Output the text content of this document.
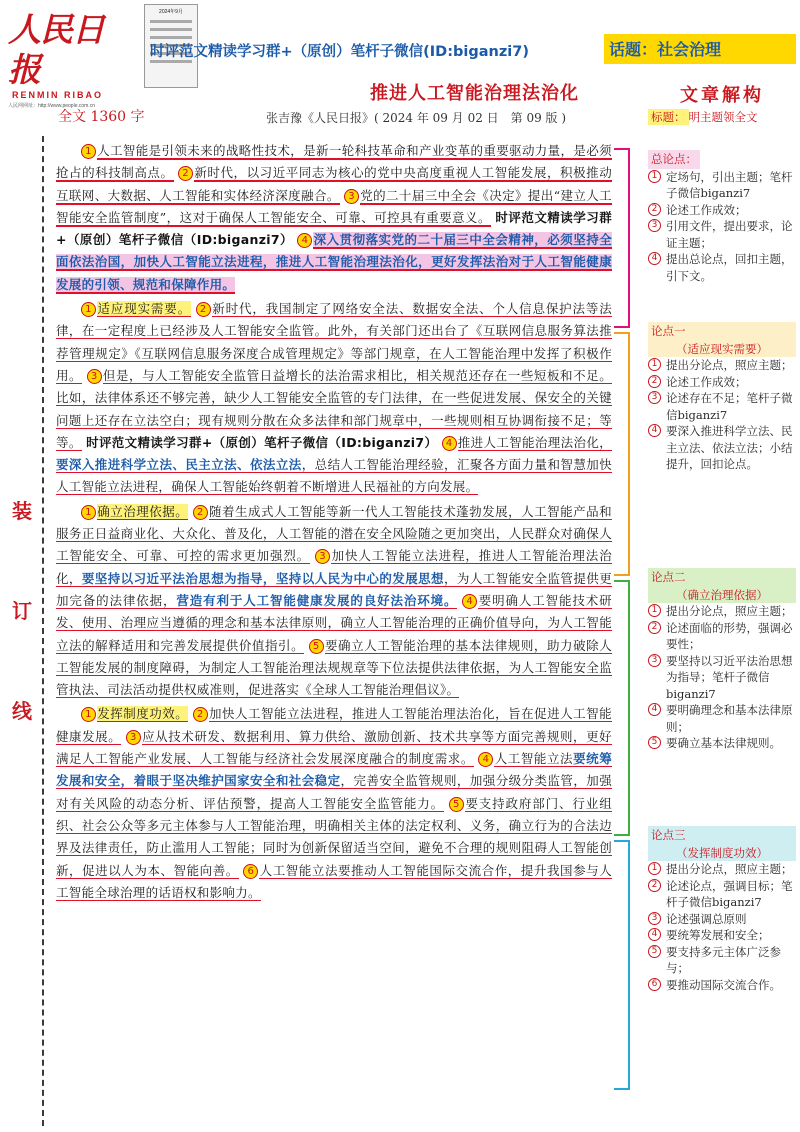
人民日报
RENMIN RIBAO
人民网网址：http://www.people.com.cn
2024年9月
时评范文精读学习群+（原创）笔杆子微信(ID:biganzi7)	话题：社会治理
全文 1360 字
推进人工智能治理法治化
张吉豫《人民日报》( 2024 年 09 月 02 日　第 09 版 )
装
订
线

1 人工智能是引领未来的战略性技术，是新一轮科技革命和产业变革的重要驱动力量，是必须抢占的科技制高点。 2 新时代，以习近平同志为核心的党中央高度重视人工智能发展，积极推动互联网、大数据、人工智能和实体经济深度融合。 3 党的二十届三中全会《决定》提出“建立人工智能安全监管制度”，这对于确保人工智能安全、可靠、可控具有重要意义。 时评范文精读学习群+（原创）笔杆子微信（ID:biganzi7） 4 深入贯彻落实党的二十届三中全会精神，必须坚持全面依法治国，加快人工智能立法进程，推进人工智能治理法治化，更好发挥法治对于人工智能健康发展的引领、规范和保障作用。

1 适应现实需要。 2 新时代，我国制定了网络安全法、数据安全法、个人信息保护法等法律，在一定程度上已经涉及人工智能安全监管。此外，有关部门还出台了《互联网信息服务算法推荐管理规定》《互联网信息服务深度合成管理规定》等部门规章，在人工智能治理中发挥了积极作用。 3 但是，与人工智能安全监管日益增长的法治需求相比，相关规范还存在一些短板和不足。比如，法律体系还不够完善，缺少人工智能安全监管的专门法律，在一些促进发展、保安全的关键问题上还存在立法空白；现有规则分散在众多法律和部门规章中，一些规则相互协调衔接不足；等等。 时评范文精读学习群+（原创）笔杆子微信（ID:biganzi7） 4 推进人工智能治理法治化，要深入推进科学立法、民主立法、依法立法，总结人工智能治理经验，汇聚各方面力量和智慧加快人工智能立法进程，确保人工智能始终朝着不断增进人民福祉的方向发展。

1 确立治理依据。 2 随着生成式人工智能等新一代人工智能技术蓬勃发展，人工智能产品和服务正日益商业化、大众化、普及化，人工智能的潜在安全风险随之更加突出，人民群众对确保人工智能安全、可靠、可控的需求更加强烈。 3 加快人工智能立法进程，推进人工智能治理法治化，要坚持以习近平法治思想为指导，坚持以人民为中心的发展思想，为人工智能安全监管提供更加完备的法律依据，营造有利于人工智能健康发展的良好法治环境。 4 要明确人工智能技术研发、使用、治理应当遵循的理念和基本法律原则，确立人工智能治理的正确价值导向，为人工智能立法的解释适用和完善发展提供价值指引。 5 要确立人工智能治理的基本法律规则，助力破除人工智能发展的制度障碍，为制定人工智能治理法规规章等下位法提供法律依据，为人工智能安全监管执法、司法活动提供权威准则，促进落实《全球人工智能治理倡议》。

1 发挥制度功效。 2 加快人工智能立法进程，推进人工智能治理法治化，旨在促进人工智能健康发展。 3 应从技术研发、数据利用、算力供给、激励创新、技术共享等方面完善规则，更好满足人工智能产业发展、人工智能与经济社会发展深度融合的制度需求。 4 人工智能立法要统筹发展和安全，着眼于坚决维护国家安全和社会稳定，完善安全监管规则，加强分级分类监管，加强对有关风险的动态分析、评估预警，提高人工智能安全监管能力。 5 要支持政府部门、行业组织、社会公众等多元主体参与人工智能治理，明确相关主体的法定权利、义务，确立行为的合法边界及法律责任，防止滥用人工智能；同时为创新保留适当空间，避免不合理的规则阻碍人工智能创新，促进以人为本、智能向善。 6 人工智能立法要推动人工智能国际交流合作，提升我国参与人工智能全球治理的话语权和影响力。

文章解构
标题： 明主题领全文
总论点：
1 定场句，引出主题；笔杆子微信biganzi7
2 论述工作成效；
3 引用文件，提出要求，论证主题；
4 提出总论点，回扣主题，引下文。
论点一
（适应现实需要）
1 提出分论点，照应主题；
2 论述工作成效；
3 论述存在不足；笔杆子微信biganzi7
4 要深入推进科学立法、民主立法、依法立法；小结提升，回扣论点。
论点二
（确立治理依据）
1 提出分论点，照应主题；
2 论述面临的形势，强调必要性；
3 要坚持以习近平法治思想为指导；笔杆子微信biganzi7
4 要明确理念和基本法律原则；
5 要确立基本法律规则。
论点三
（发挥制度功效）
1 提出分论点，照应主题；
2 论述论点，强调目标；笔杆子微信biganzi7
3 论述强调总原则
4 要统筹发展和安全；
5 要支持多元主体广泛参与；
6 要推动国际交流合作。
